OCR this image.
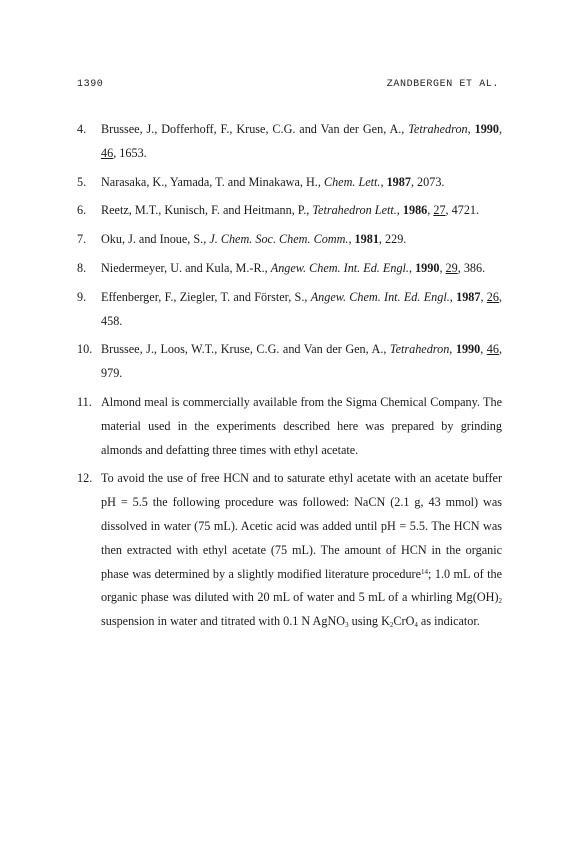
1390	ZANDBERGEN ET AL.
4.	Brussee, J., Dofferhoff, F., Kruse, C.G. and Van der Gen, A., Tetrahedron, 1990, 46, 1653.
5.	Narasaka, K., Yamada, T. and Minakawa, H., Chem. Lett., 1987, 2073.
6.	Reetz, M.T., Kunisch, F. and Heitmann, P., Tetrahedron Lett., 1986, 27, 4721.
7.	Oku, J. and Inoue, S., J. Chem. Soc. Chem. Comm., 1981, 229.
8.	Niedermeyer, U. and Kula, M.-R., Angew. Chem. Int. Ed. Engl., 1990, 29, 386.
9.	Effenberger, F., Ziegler, T. and Förster, S., Angew. Chem. Int. Ed. Engl., 1987, 26, 458.
10. Brussee, J., Loos, W.T., Kruse, C.G. and Van der Gen, A., Tetrahedron, 1990, 46, 979.
11. Almond meal is commercially available from the Sigma Chemical Company. The material used in the experiments described here was prepared by grinding almonds and defatting three times with ethyl acetate.
12. To avoid the use of free HCN and to saturate ethyl acetate with an acetate buffer pH = 5.5 the following procedure was followed: NaCN (2.1 g, 43 mmol) was dissolved in water (75 mL). Acetic acid was added until pH = 5.5. The HCN was then extracted with ethyl acetate (75 mL). The amount of HCN in the organic phase was determined by a slightly modified literature procedure$^{14}$; 1.0 mL of the organic phase was diluted with 20 mL of water and 5 mL of a whirling $Mg(OH)_2$ suspension in water and titrated with 0.1 N AgNO$_3$ using $K_2CrO_4$ as indicator.
